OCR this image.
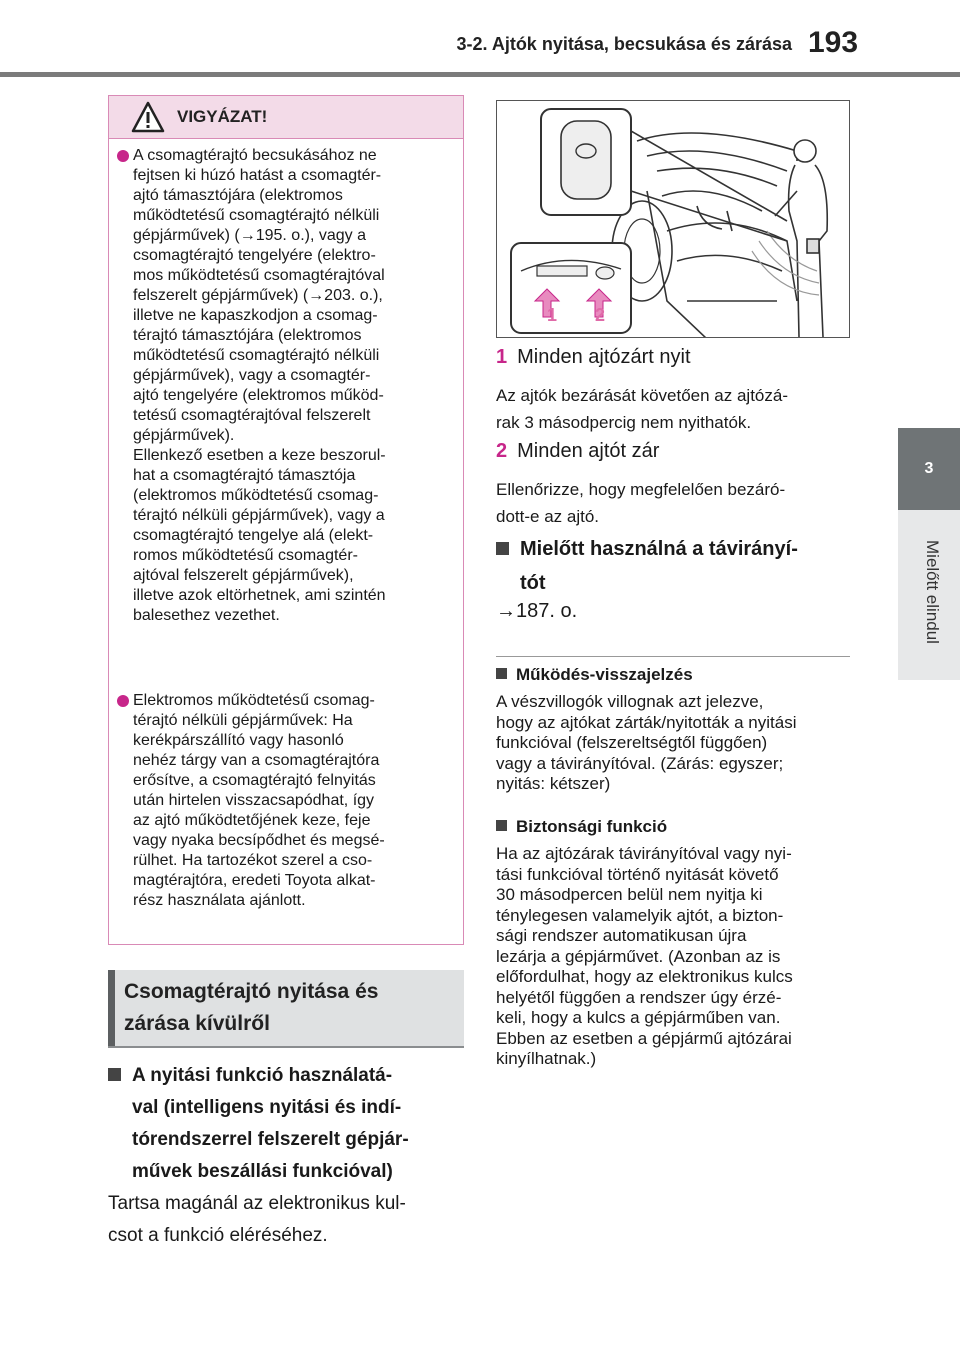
3-2. Ajtók nyitása, becsukása és zárása 193
3
Mielőtt elindul
VIGYÁZAT!
A csomagtérajtó becsukásához ne
fejtsen ki húzó hatást a csomagtér-
ajtó támasztójára (elektromos
működtetésű csomagtérajtó nélküli
gépjárművek) (→195. o.), vagy a
csomagtérajtó tengelyére (elektro-
mos működtetésű csomagtérajtóval
felszerelt gépjárművek) (→203. o.),
illetve ne kapaszkodjon a csomag-
térajtó támasztójára (elektromos
működtetésű csomagtérajtó nélküli
gépjárművek), vagy a csomagtér-
ajtó tengelyére (elektromos működ-
tetésű csomagtérajtóval felszerelt
gépjárművek).
Ellenkező esetben a keze beszorul-
hat a csomagtérajtó támasztója
(elektromos működtetésű csomag-
térajtó nélküli gépjárművek), vagy a
csomagtérajtó tengelye alá (elekt-
romos működtetésű csomagtér-
ajtóval felszerelt gépjárművek),
illetve azok eltörhetnek, ami szintén
balesethez vezethet.
Elektromos működtetésű csomag-
térajtó nélküli gépjárművek: Ha
kerékpárszállító vagy hasonló
nehéz tárgy van a csomagtérajtóra
erősítve, a csomagtérajtó felnyitás
után hirtelen visszacsapódhat, így
az ajtó működtetőjének keze, feje
vagy nyaka becsípődhet és megsé-
rülhet. Ha tartozékot szerel a cso-
magtérajtóra, eredeti Toyota alkat-
rész használata ajánlott.
Csomagtérajtó nyitása és
zárása kívülről
A nyitási funkció használatá-
val (intelligens nyitási és indí-
tórendszerrel felszerelt gépjár-
művek beszállási funkcióval)
Tartsa magánál az elektronikus kul-
csot a funkció eléréséhez.
1 2
1 Minden ajtózárt nyit
Az ajtók bezárását követően az ajtózá-
rak 3 másodpercig nem nyithatók.
2 Minden ajtót zár
Ellenőrizze, hogy megfelelően bezáró-
dott-e az ajtó.
Mielőtt használná a távirányí-
tót
→187. o.
Működés-visszajelzés
A vészvillogók villognak azt jelezve,
hogy az ajtókat zárták/nyitották a nyitási
funkcióval (felszereltségtől függően)
vagy a távirányítóval. (Zárás: egyszer;
nyitás: kétszer)
Biztonsági funkció
Ha az ajtózárak távirányítóval vagy nyi-
tási funkcióval történő nyitását követő
30 másodpercen belül nem nyitja ki
ténylegesen valamelyik ajtót, a bizton-
sági rendszer automatikusan újra
lezárja a gépjárművet. (Azonban az is
előfordulhat, hogy az elektronikus kulcs
helyétől függően a rendszer úgy érzé-
keli, hogy a kulcs a gépjárműben van.
Ebben az esetben a gépjármű ajtózárai
kinyílhatnak.)
